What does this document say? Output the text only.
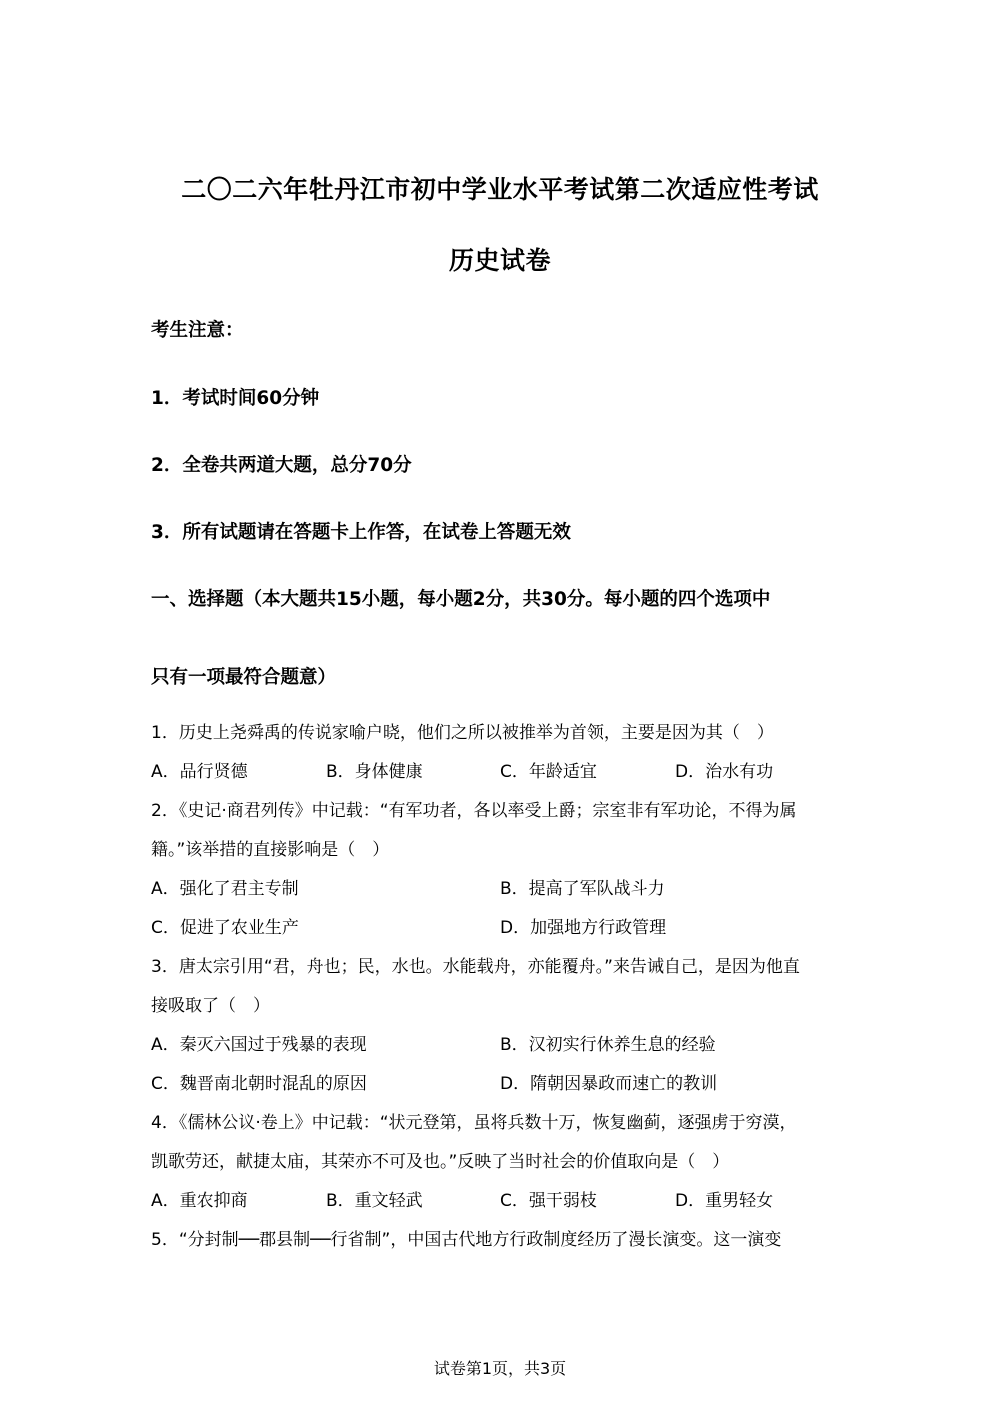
二〇二六年牡丹江市初中学业水平考试第二次适应性考试
历史试卷
考生注意：
1．考试时间60分钟
2．全卷共两道大题，总分70分
3．所有试题请在答题卡上作答，在试卷上答题无效
一、选择题（本大题共15小题，每小题2分，共30分。每小题的四个选项中
只有一项最符合题意）
1．历史上尧舜禹的传说家喻户晓，他们之所以被推举为首领，主要是因为其（　）
A．品行贤德	B．身体健康	C．年龄适宜	D．治水有功
2．《史记·商君列传》中记载：“有军功者，各以率受上爵；宗室非有军功论，不得为属
籍。”该举措的直接影响是（　）
A．强化了君主专制	B．提高了军队战斗力
C．促进了农业生产	D．加强地方行政管理
3．唐太宗引用“君，舟也；民，水也。水能载舟，亦能覆舟。”来告诫自己，是因为他直
接吸取了（　）
A．秦灭六国过于残暴的表现	B．汉初实行休养生息的经验
C．魏晋南北朝时混乱的原因	D．隋朝因暴政而速亡的教训
4．《儒林公议·卷上》中记载：“状元登第，虽将兵数十万，恢复幽蓟，逐强虏于穷漠，
凯歌劳还，献捷太庙，其荣亦不可及也。”反映了当时社会的价值取向是（　）
A．重农抑商	B．重文轻武	C．强干弱枝	D．重男轻女
5．“分封制──郡县制──行省制”，中国古代地方行政制度经历了漫长演变。这一演变
试卷第1页，共3页
